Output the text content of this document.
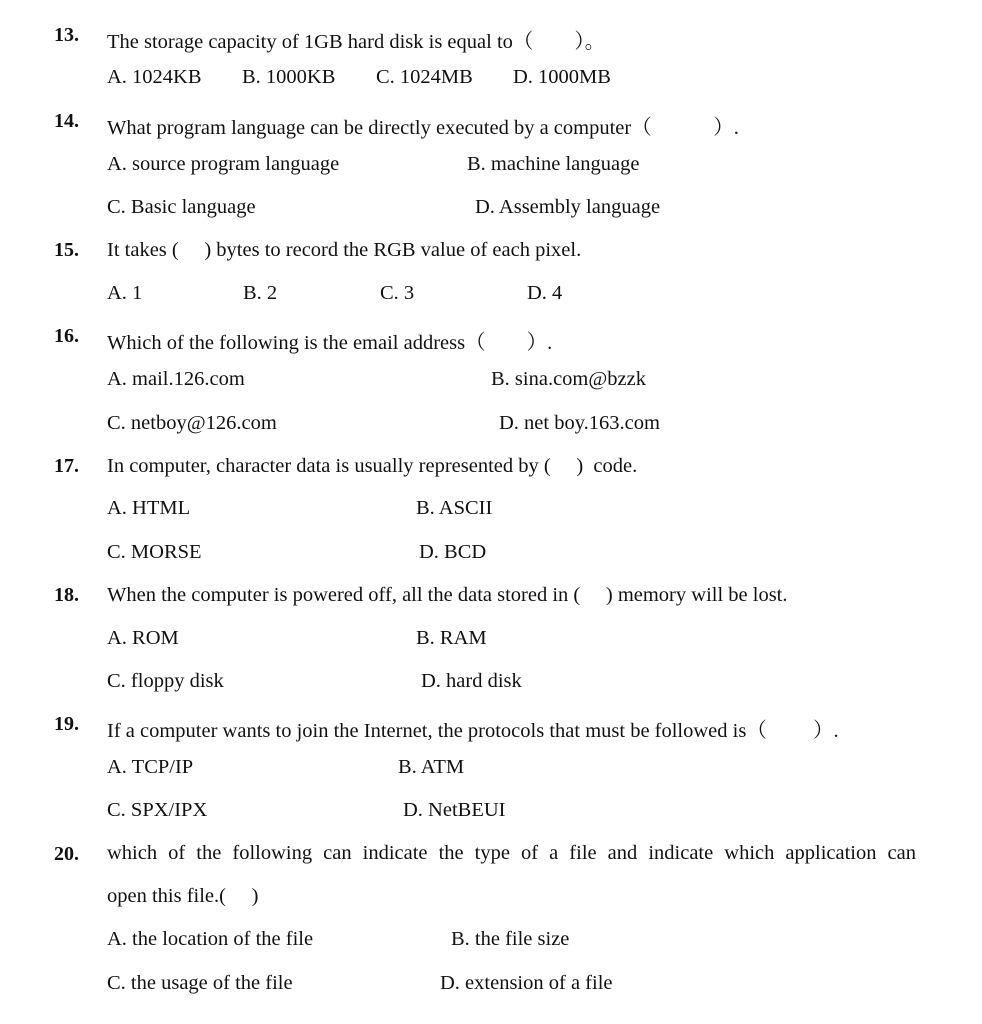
13. The storage capacity of 1GB hard disk is equal to（        ）。
A. 1024KB B. 1000KB C. 1024MB D. 1000MB
14. What program language can be directly executed by a computer（            ）.
A. source program language	B. machine language
C. Basic language	D. Assembly language
15. It takes (     ) bytes to record the RGB value of each pixel.
A. 1	B. 2	C. 3	D. 4
16. Which of the following is the email address（        ）.
A. mail.126.com	B. sina.com@bzzk
C. netboy@126.com	D. net boy.163.com
17. In computer, character data is usually represented by (     )  code.
A. HTML	B. ASCII
C. MORSE	D. BCD
18. When the computer is powered off, all the data stored in (     ) memory will be lost.
A. ROM	B. RAM
C. floppy disk	D. hard disk
19. If a computer wants to join the Internet, the protocols that must be followed is（         ）.
A. TCP/IP	B. ATM
C. SPX/IPX	D. NetBEUI
20. which of the following can indicate the type of a file and indicate which application can
open this file.(     )
A. the location of the file	B. the file size
C. the usage of the file	D. extension of a file
